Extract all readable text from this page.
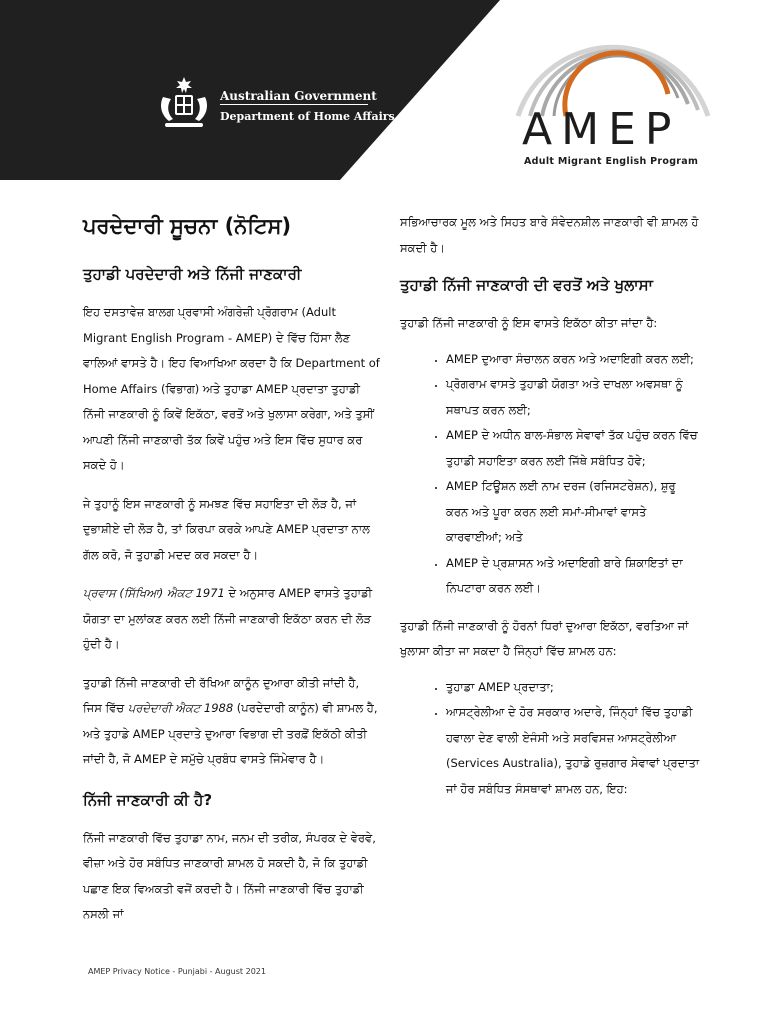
Australian Government
Department of Home Affairs	AMEP
Adult Migrant English Program
ਪਰਦੇਦਾਰੀ ਸੂਚਨਾ (ਨੋਟਿਸ)
ਤੁਹਾਡੀ ਪਰਦੇਦਾਰੀ ਅਤੇ ਨਿੱਜੀ ਜਾਣਕਾਰੀ

ਇਹ ਦਸਤਾਵੇਜ਼ ਬਾਲਗ ਪ੍ਰਵਾਸੀ ਅੰਗਰੇਜ਼ੀ ਪ੍ਰੋਗਰਾਮ (Adult Migrant English Program - AMEP) ਦੇ ਵਿੱਚ ਹਿੱਸਾ ਲੈਣ ਵਾਲਿਆਂ ਵਾਸਤੇ ਹੈ। ਇਹ ਵਿਆਖਿਆ ਕਰਦਾ ਹੈ ਕਿ Department of Home Affairs (ਵਿਭਾਗ) ਅਤੇ ਤੁਹਾਡਾ AMEP ਪ੍ਰਦਾਤਾ ਤੁਹਾਡੀ ਨਿੱਜੀ ਜਾਣਕਾਰੀ ਨੂੰ ਕਿਵੇਂ ਇਕੱਠਾ, ਵਰਤੋਂ ਅਤੇ ਖੁਲਾਸਾ ਕਰੇਗਾ, ਅਤੇ ਤੁਸੀਂ ਆਪਣੀ ਨਿੱਜੀ ਜਾਣਕਾਰੀ ਤੱਕ ਕਿਵੇਂ ਪਹੁੰਚ ਅਤੇ ਇਸ ਵਿੱਚ ਸੁਧਾਰ ਕਰ ਸਕਦੇ ਹੋ।

ਜੇ ਤੁਹਾਨੂੰ ਇਸ ਜਾਣਕਾਰੀ ਨੂੰ ਸਮਝਣ ਵਿੱਚ ਸਹਾਇਤਾ ਦੀ ਲੋੜ ਹੈ, ਜਾਂ ਦੁਭਾਸ਼ੀਏ ਦੀ ਲੋੜ ਹੈ, ਤਾਂ ਕਿਰਪਾ ਕਰਕੇ ਆਪਣੇ AMEP ਪ੍ਰਦਾਤਾ ਨਾਲ ਗੱਲ ਕਰੋ, ਜੋ ਤੁਹਾਡੀ ਮਦਦ ਕਰ ਸਕਦਾ ਹੈ।

ਪ੍ਰਵਾਸ (ਸਿੱਖਿਆ) ਐਕਟ 1971 ਦੇ ਅਨੁਸਾਰ AMEP ਵਾਸਤੇ ਤੁਹਾਡੀ ਯੋਗਤਾ ਦਾ ਮੁਲਾਂਕਣ ਕਰਨ ਲਈ ਨਿੱਜੀ ਜਾਣਕਾਰੀ ਇਕੱਠਾ ਕਰਨ ਦੀ ਲੋੜ ਹੁੰਦੀ ਹੈ।

ਤੁਹਾਡੀ ਨਿੱਜੀ ਜਾਣਕਾਰੀ ਦੀ ਰੱਖਿਆ ਕਾਨੂੰਨ ਦੁਆਰਾ ਕੀਤੀ ਜਾਂਦੀ ਹੈ, ਜਿਸ ਵਿੱਚ ਪਰਦੇਦਾਰੀ ਐਕਟ 1988 (ਪਰਦੇਦਾਰੀ ਕਾਨੂੰਨ) ਵੀ ਸ਼ਾਮਲ ਹੈ, ਅਤੇ ਤੁਹਾਡੇ AMEP ਪ੍ਰਦਾਤੇ ਦੁਆਰਾ ਵਿਭਾਗ ਦੀ ਤਰਫ਼ੋਂ ਇਕੱਠੀ ਕੀਤੀ ਜਾਂਦੀ ਹੈ, ਜੋ AMEP ਦੇ ਸਮੁੱਚੇ ਪ੍ਰਬੰਧ ਵਾਸਤੇ ਜਿੰਮੇਵਾਰ ਹੈ।

ਨਿੱਜੀ ਜਾਣਕਾਰੀ ਕੀ ਹੈ?

ਨਿੱਜੀ ਜਾਣਕਾਰੀ ਵਿੱਚ ਤੁਹਾਡਾ ਨਾਮ, ਜਨਮ ਦੀ ਤਰੀਕ, ਸੰਪਰਕ ਦੇ ਵੇਰਵੇ, ਵੀਜ਼ਾ ਅਤੇ ਹੋਰ ਸਬੰਧਿਤ ਜਾਣਕਾਰੀ ਸ਼ਾਮਲ ਹੋ ਸਕਦੀ ਹੈ, ਜੋ ਕਿ ਤੁਹਾਡੀ ਪਛਾਣ ਇਕ ਵਿਅਕਤੀ ਵਜੋਂ ਕਰਦੀ ਹੈ। ਨਿੱਜੀ ਜਾਣਕਾਰੀ ਵਿੱਚ ਤੁਹਾਡੀ ਨਸਲੀ ਜਾਂ

ਸਭਿਆਚਾਰਕ ਮੂਲ ਅਤੇ ਸਿਹਤ ਬਾਰੇ ਸੰਵੇਦਨਸ਼ੀਲ ਜਾਣਕਾਰੀ ਵੀ ਸ਼ਾਮਲ ਹੋ ਸਕਦੀ ਹੈ।

ਤੁਹਾਡੀ ਨਿੱਜੀ ਜਾਣਕਾਰੀ ਦੀ ਵਰਤੋਂ ਅਤੇ ਖੁਲਾਸਾ

ਤੁਹਾਡੀ ਨਿੱਜੀ ਜਾਣਕਾਰੀ ਨੂੰ ਇਸ ਵਾਸਤੇ ਇਕੱਠਾ ਕੀਤਾ ਜਾਂਦਾ ਹੈ:

• AMEP ਦੁਆਰਾ ਸੰਚਾਲਨ ਕਰਨ ਅਤੇ ਅਦਾਇਗੀ ਕਰਨ ਲਈ;
• ਪ੍ਰੋਗਰਾਮ ਵਾਸਤੇ ਤੁਹਾਡੀ ਯੋਗਤਾ ਅਤੇ ਦਾਖਲਾ ਅਵਸਥਾ ਨੂੰ ਸਥਾਪਤ ਕਰਨ ਲਈ;
• AMEP ਦੇ ਅਧੀਨ ਬਾਲ-ਸੰਭਾਲ ਸੇਵਾਵਾਂ ਤੱਕ ਪਹੁੰਚ ਕਰਨ ਵਿੱਚ ਤੁਹਾਡੀ ਸਹਾਇਤਾ ਕਰਨ ਲਈ ਜਿੱਥੇ ਸਬੰਧਿਤ ਹੋਵੇ;
• AMEP ਟਿਊਸ਼ਨ ਲਈ ਨਾਮ ਦਰਜ (ਰਜਿਸਟਰੇਸ਼ਨ), ਸ਼ੁਰੂ ਕਰਨ ਅਤੇ ਪੂਰਾ ਕਰਨ ਲਈ ਸਮਾਂ-ਸੀਮਾਵਾਂ ਵਾਸਤੇ ਕਾਰਵਾਈਆਂ; ਅਤੇ
• AMEP ਦੇ ਪ੍ਰਸ਼ਾਸਨ ਅਤੇ ਅਦਾਇਗੀ ਬਾਰੇ ਸ਼ਿਕਾਇਤਾਂ ਦਾ ਨਿਪਟਾਰਾ ਕਰਨ ਲਈ।

ਤੁਹਾਡੀ ਨਿੱਜੀ ਜਾਣਕਾਰੀ ਨੂੰ ਹੋਰਨਾਂ ਧਿਰਾਂ ਦੁਆਰਾ ਇਕੱਠਾ, ਵਰਤਿਆ ਜਾਂ ਖੁਲਾਸਾ ਕੀਤਾ ਜਾ ਸਕਦਾ ਹੈ ਜਿੰਨ੍ਹਾਂ ਵਿੱਚ ਸ਼ਾਮਲ ਹਨ:

• ਤੁਹਾਡਾ AMEP ਪ੍ਰਦਾਤਾ;
• ਆਸਟ੍ਰੇਲੀਆ ਦੇ ਹੋਰ ਸਰਕਾਰ ਅਦਾਰੇ, ਜਿੰਨ੍ਹਾਂ ਵਿੱਚ ਤੁਹਾਡੀ ਹਵਾਲਾ ਦੇਣ ਵਾਲੀ ਏਜੰਸੀ ਅਤੇ ਸਰਵਿਸਜ਼ ਆਸਟ੍ਰੇਲੀਆ (Services Australia), ਤੁਹਾਡੇ ਰੁਜ਼ਗਾਰ ਸੇਵਾਵਾਂ ਪ੍ਰਦਾਤਾ ਜਾਂ ਹੋਰ ਸਬੰਧਿਤ ਸੰਸਥਾਵਾਂ ਸ਼ਾਮਲ ਹਨ, ਇਹ:
AMEP Privacy Notice - Punjabi - August 2021
